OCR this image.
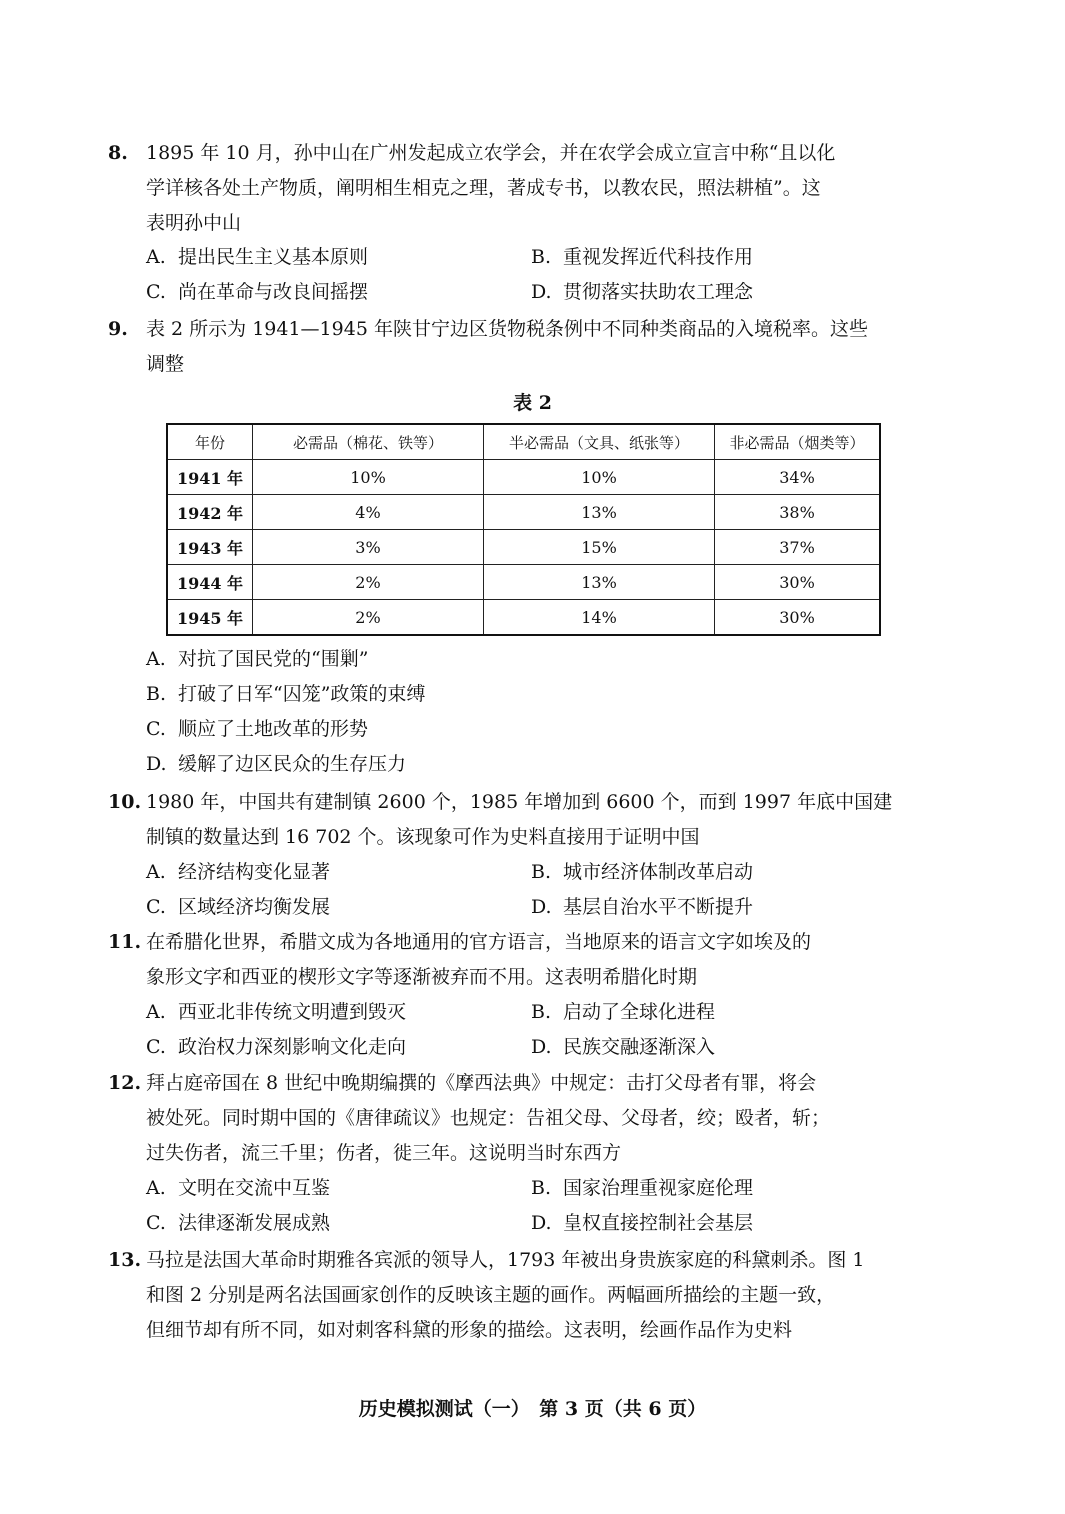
8. 1895 年 10 月，孙中山在广州发起成立农学会，并在农学会成立宣言中称“且以化
学详核各处土产物质，阐明相生相克之理，著成专书，以教农民，照法耕植”。这
表明孙中山
A. 提出民生主义基本原则	B. 重视发挥近代科技作用
C. 尚在革命与改良间摇摆	D. 贯彻落实扶助农工理念
9. 表 2 所示为 1941—1945 年陕甘宁边区货物税条例中不同种类商品的入境税率。这些
调整
表 2
年份	必需品（棉花、铁等）	半必需品（文具、纸张等）	非必需品（烟类等）
1941 年	10%	10%	34%
1942 年	4%	13%	38%
1943 年	3%	15%	37%
1944 年	2%	13%	30%
1945 年	2%	14%	30%
A. 对抗了国民党的“围剿”
B. 打破了日军“囚笼”政策的束缚
C. 顺应了土地改革的形势
D. 缓解了边区民众的生存压力
10. 1980 年，中国共有建制镇 2600 个，1985 年增加到 6600 个，而到 1997 年底中国建
制镇的数量达到 16 702 个。该现象可作为史料直接用于证明中国
A. 经济结构变化显著	B. 城市经济体制改革启动
C. 区域经济均衡发展	D. 基层自治水平不断提升
11. 在希腊化世界，希腊文成为各地通用的官方语言，当地原来的语言文字如埃及的
象形文字和西亚的楔形文字等逐渐被弃而不用。这表明希腊化时期
A. 西亚北非传统文明遭到毁灭	B. 启动了全球化进程
C. 政治权力深刻影响文化走向	D. 民族交融逐渐深入
12. 拜占庭帝国在 8 世纪中晚期编撰的《摩西法典》中规定：击打父母者有罪，将会
被处死。同时期中国的《唐律疏议》也规定：告祖父母、父母者，绞；殴者，斩；
过失伤者，流三千里；伤者，徙三年。这说明当时东西方
A. 文明在交流中互鉴	B. 国家治理重视家庭伦理
C. 法律逐渐发展成熟	D. 皇权直接控制社会基层
13. 马拉是法国大革命时期雅各宾派的领导人，1793 年被出身贵族家庭的科黛刺杀。图 1
和图 2 分别是两名法国画家创作的反映该主题的画作。两幅画所描绘的主题一致，
但细节却有所不同，如对刺客科黛的形象的描绘。这表明，绘画作品作为史料
历史模拟测试（一）　第 3 页（共 6 页）
